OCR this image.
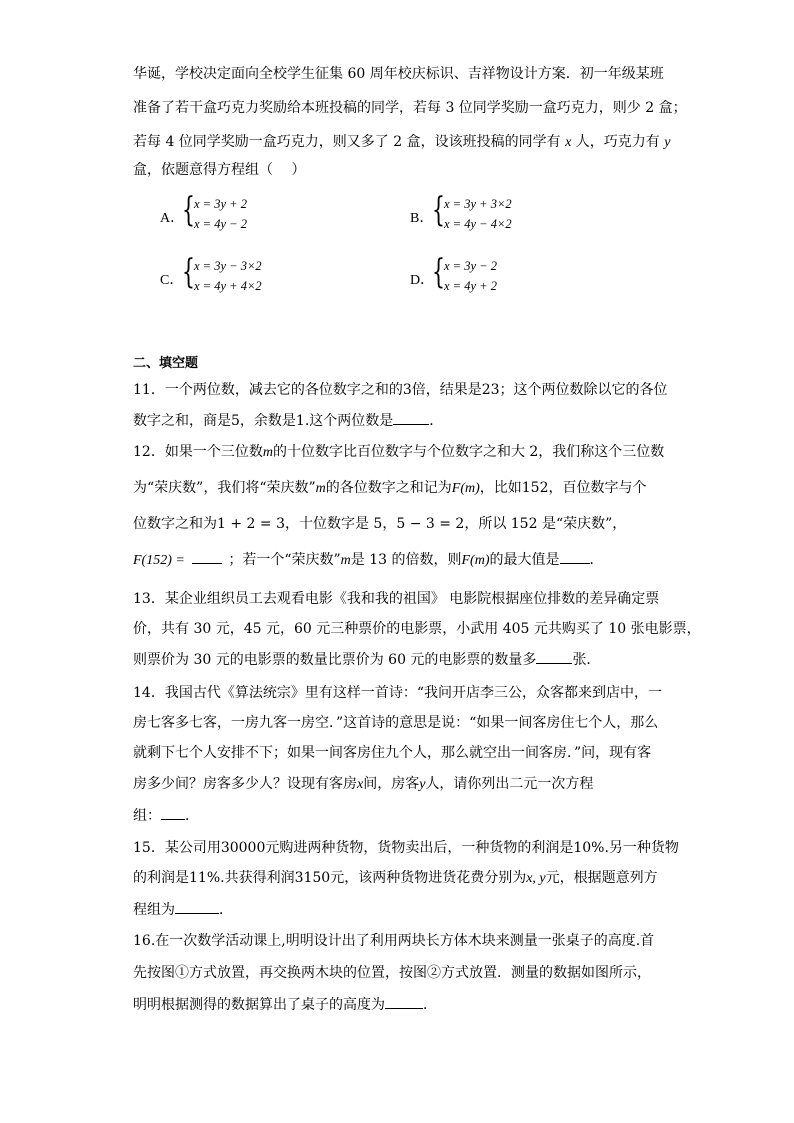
华诞，学校决定面向全校学生征集 60 周年校庆标识、吉祥物设计方案．初一年级某班
准备了若干盒巧克力奖励给本班投稿的同学，若每 3 位同学奖励一盒巧克力，则少 2 盒；
若每 4 位同学奖励一盒巧克力，则又多了 2 盒，设该班投稿的同学有 x 人，巧克力有 y
盒，依题意得方程组（　 ）
A．
{ x = 3y + 2
x = 4y − 2	B．
{ x = 3y + 3×2
x = 4y − 4×2
C．
{ x = 3y − 3×2
x = 4y + 4×2	D．
{ x = 3y − 2
x = 4y + 2
二、填空题
11．一个两位数，减去它的各位数字之和的3倍，结果是23；这个两位数除以它的各位
数字之和，商是5，余数是1.这个两位数是	．
12．如果一个三位数m的十位数字比百位数字与个位数字之和大 2，我们称这个三位数
为“荣庆数”，我们将“荣庆数”m的各位数字之和记为F(m)，比如152，百位数字与个
位数字之和为1 + 2 = 3，十位数字是 5，5 − 3 = 2，所以 152 是“荣庆数”，
F(152) =	；若一个“荣庆数”m是 13 的倍数，则F(m)的最大值是 ．
13．某企业组织员工去观看电影《我和我的祖国》 电影院根据座位排数的差异确定票
价，共有 30 元，45 元，60 元三种票价的电影票，小武用 405 元共购买了 10 张电影票，
则票价为 30 元的电影票的数量比票价为 60 元的电影票的数量多	张．
14．我国古代《算法统宗》里有这样一首诗：“我问开店李三公，众客都来到店中，一
房七客多七客，一房九客一房空．”这首诗的意思是说：“如果一间客房住七个人，那么
就剩下七个人安排不下；如果一间客房住九个人，那么就空出一间客房．”问，现有客
房多少间？房客多少人？设现有客房x间，房客y人，请你列出二元一次方程
组： ．
15．某公司用30000元购进两种货物，货物卖出后，一种货物的利润是10%.另一种货物
的利润是11%.共获得利润3150元，该两种货物进货花费分别为x, y元，根据题意列方
程组为	．
16.在一次数学活动课上,明明设计出了利用两块长方体木块来测量一张桌子的高度.首
先按图①方式放置，再交换两木块的位置，按图②方式放置．测量的数据如图所示，
明明根据测得的数据算出了桌子的高度为	．
